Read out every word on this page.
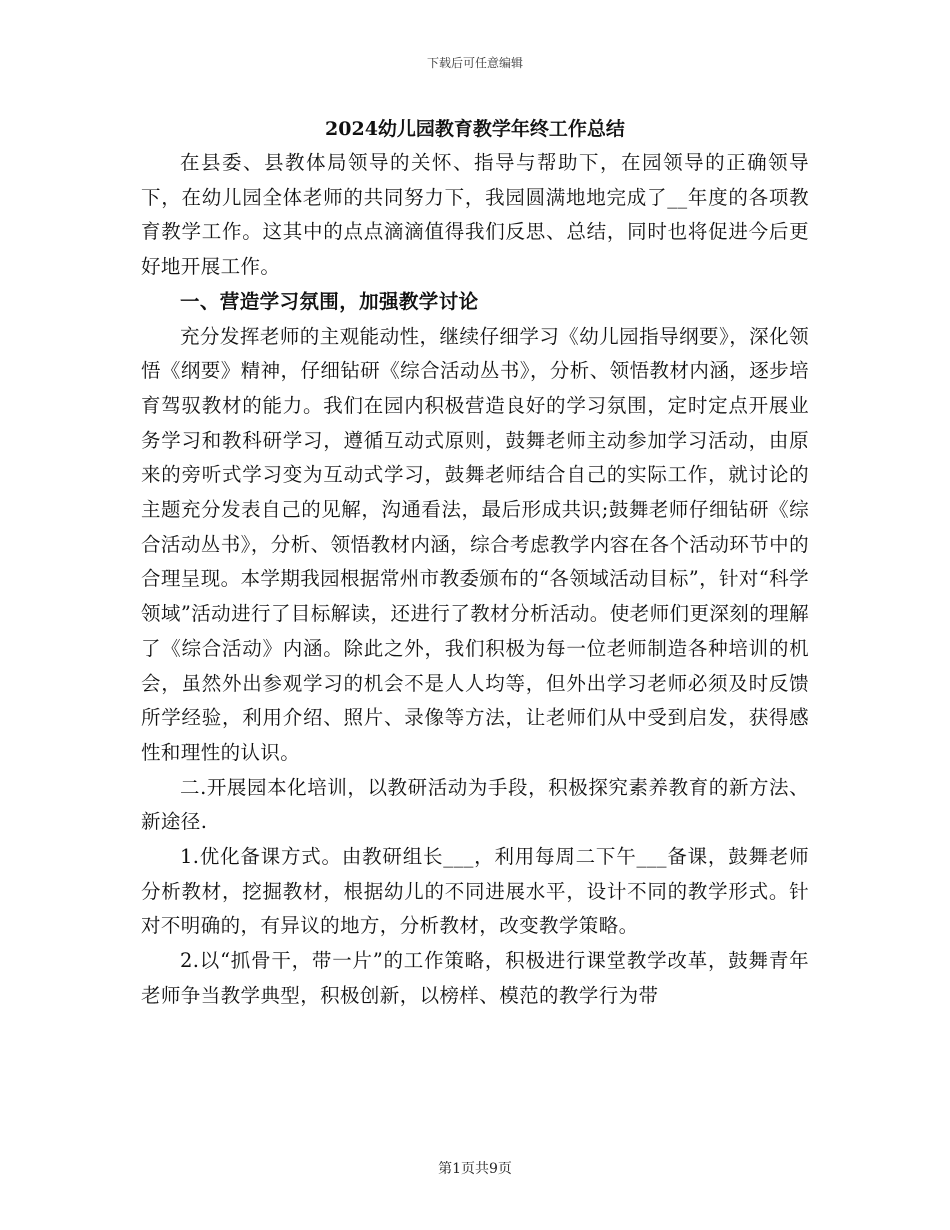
下载后可任意编辑
2024幼儿园教育教学年终工作总结

在县委、县教体局领导的关怀、指导与帮助下，在园领导的正确领导下，在幼儿园全体老师的共同努力下，我园圆满地地完成了__年度的各项教育教学工作。这其中的点点滴滴值得我们反思、总结，同时也将促进今后更好地开展工作。

一、营造学习氛围，加强教学讨论

充分发挥老师的主观能动性，继续仔细学习《幼儿园指导纲要》，深化领悟《纲要》精神，仔细钻研《综合活动丛书》，分析、领悟教材内涵，逐步培育驾驭教材的能力。我们在园内积极营造良好的学习氛围，定时定点开展业务学习和教科研学习，遵循互动式原则，鼓舞老师主动参加学习活动，由原来的旁听式学习变为互动式学习，鼓舞老师结合自己的实际工作，就讨论的主题充分发表自己的见解，沟通看法，最后形成共识;鼓舞老师仔细钻研《综合活动丛书》，分析、领悟教材内涵，综合考虑教学内容在各个活动环节中的合理呈现。本学期我园根据常州市教委颁布的“各领域活动目标”，针对“科学领域”活动进行了目标解读，还进行了教材分析活动。使老师们更深刻的理解了《综合活动》内涵。除此之外，我们积极为每一位老师制造各种培训的机会，虽然外出参观学习的机会不是人人均等，但外出学习老师必须及时反馈所学经验，利用介绍、照片、录像等方法，让老师们从中受到启发，获得感性和理性的认识。

二.开展园本化培训，以教研活动为手段，积极探究素养教育的新方法、新途径.

1.优化备课方式。由教研组长___，利用每周二下午___备课，鼓舞老师分析教材，挖掘教材，根据幼儿的不同进展水平，设计不同的教学形式。针对不明确的，有异议的地方，分析教材，改变教学策略。

2.以“抓骨干，带一片”的工作策略，积极进行课堂教学改革，鼓舞青年老师争当教学典型，积极创新，以榜样、模范的教学行为带

第1页共9页
